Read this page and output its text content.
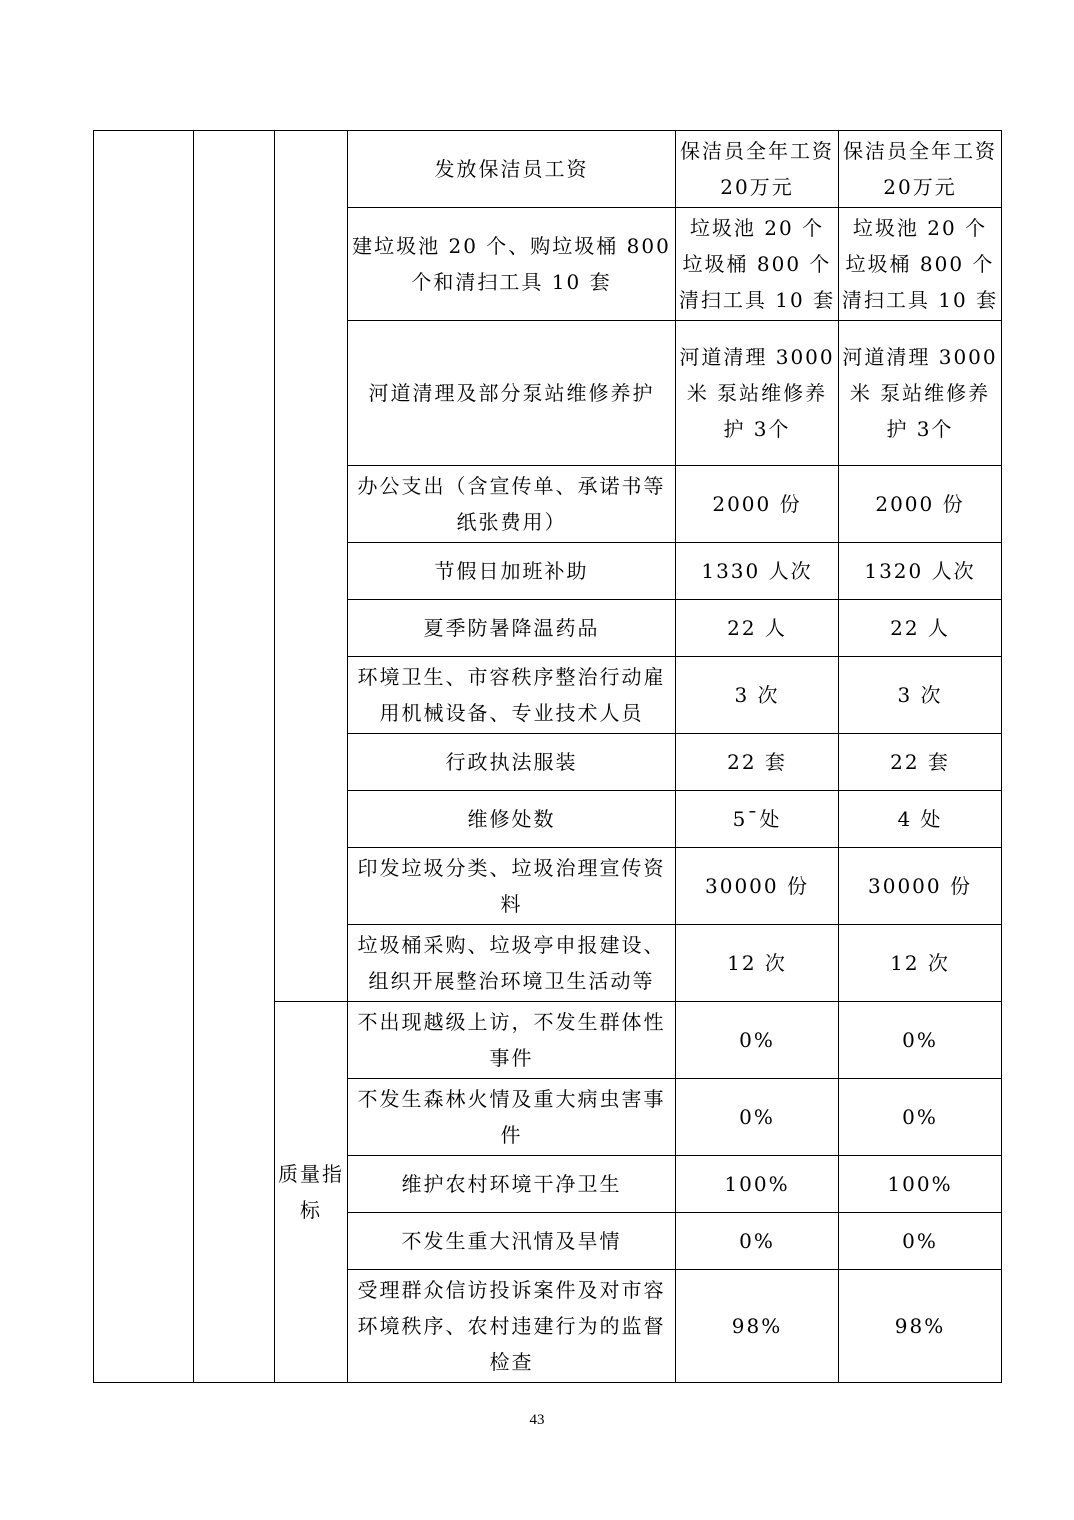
			发放保洁员工资	保洁员全年工资20万元	保洁员全年工资20万元
			建垃圾池 20 个、购垃圾桶 800 个和清扫工具 10 套	垃圾池 20 个 垃圾桶 800 个 清扫工具 10 套	垃圾池 20 个 垃圾桶 800 个 清扫工具 10 套
			河道清理及部分泵站维修养护	河道清理 3000米 泵站维修养护 3个	河道清理 3000米 泵站维修养护 3个
			办公支出（含宣传单、承诺书等纸张费用）	2000 份	2000 份
			节假日加班补助	1330 人次	1320 人次
			夏季防暑降温药品	22 人	22 人
			环境卫生、市容秩序整治行动雇用机械设备、专业技术人员	3 次	3 次
			行政执法服装	22 套	22 套
			维修处数	5¯处	4 处
			印发垃圾分类、垃圾治理宣传资料	30000 份	30000 份
			垃圾桶采购、垃圾亭申报建设、组织开展整治环境卫生活动等	12 次	12 次
		质量指标	不出现越级上访，不发生群体性事件	0%	0%
			不发生森林火情及重大病虫害事件	0%	0%
			维护农村环境干净卫生	100%	100%
			不发生重大汛情及旱情	0%	0%
			受理群众信访投诉案件及对市容环境秩序、农村违建行为的监督检查	98%	98%
43
